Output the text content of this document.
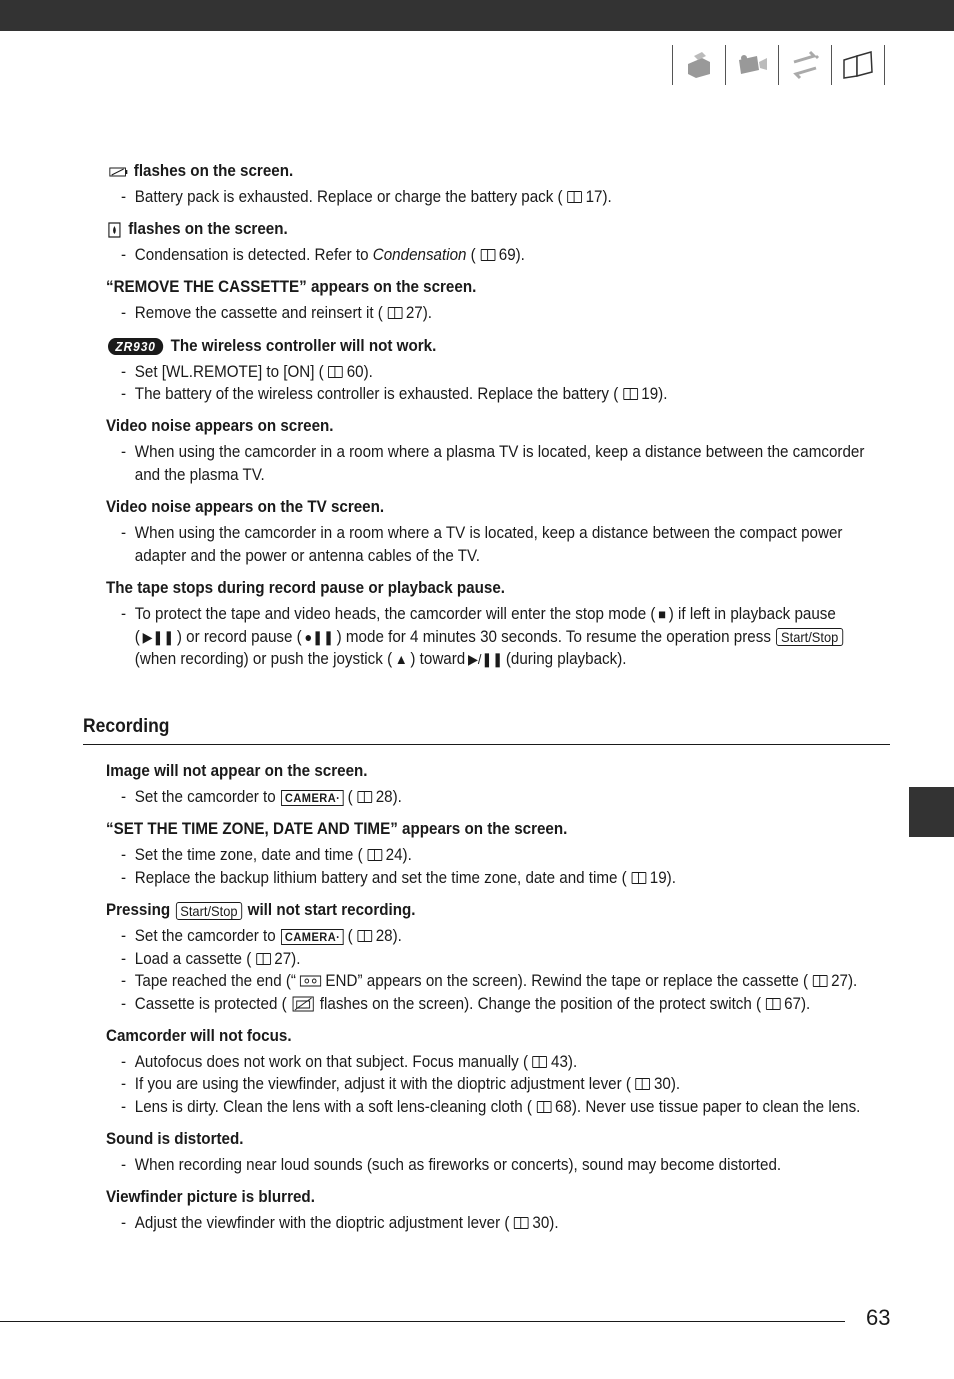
flashes on the screen.
- Battery pack is exhausted. Replace or charge the battery pack ( 17).
flashes on the screen.
- Condensation is detected. Refer to Condensation ( 69).
“REMOVE THE CASSETTE” appears on the screen.
- Remove the cassette and reinsert it ( 27).
ZR930 The wireless controller will not work.
- Set [WL.REMOTE] to [ON] ( 60).
- The battery of the wireless controller is exhausted. Replace the battery ( 19).
Video noise appears on screen.
- When using the camcorder in a room where a plasma TV is located, keep a distance between the camcorder
and the plasma TV.
Video noise appears on the TV screen.
- When using the camcorder in a room where a TV is located, keep a distance between the compact power
adapter and the power or antenna cables of the TV.
The tape stops during record pause or playback pause.
- To protect the tape and video heads, the camcorder will enter the stop mode ( ■ ) if left in playback pause
( ▶❚❚ ) or record pause ( ●❚❚ ) mode for 4 minutes 30 seconds. To resume the operation press Start/Stop
(when recording) or push the joystick ( ▲ ) toward ▶/❚❚ (during playback).
Recording
Image will not appear on the screen.
- Set the camcorder to CAMERA· ( 28).
“SET THE TIME ZONE, DATE AND TIME” appears on the screen.
- Set the time zone, date and time ( 24).
- Replace the backup lithium battery and set the time zone, date and time ( 19).
Pressing Start/Stop will not start recording.
- Set the camcorder to CAMERA· ( 28).
- Load a cassette ( 27).
- Tape reached the end (“ END” appears on the screen). Rewind the tape or replace the cassette ( 27).
- Cassette is protected ( flashes on the screen). Change the position of the protect switch ( 67).
Camcorder will not focus.
- Autofocus does not work on that subject. Focus manually ( 43).
- If you are using the viewfinder, adjust it with the dioptric adjustment lever ( 30).
- Lens is dirty. Clean the lens with a soft lens-cleaning cloth ( 68). Never use tissue paper to clean the lens.
Sound is distorted.
- When recording near loud sounds (such as fireworks or concerts), sound may become distorted.
Viewfinder picture is blurred.
- Adjust the viewfinder with the dioptric adjustment lever ( 30).
63
